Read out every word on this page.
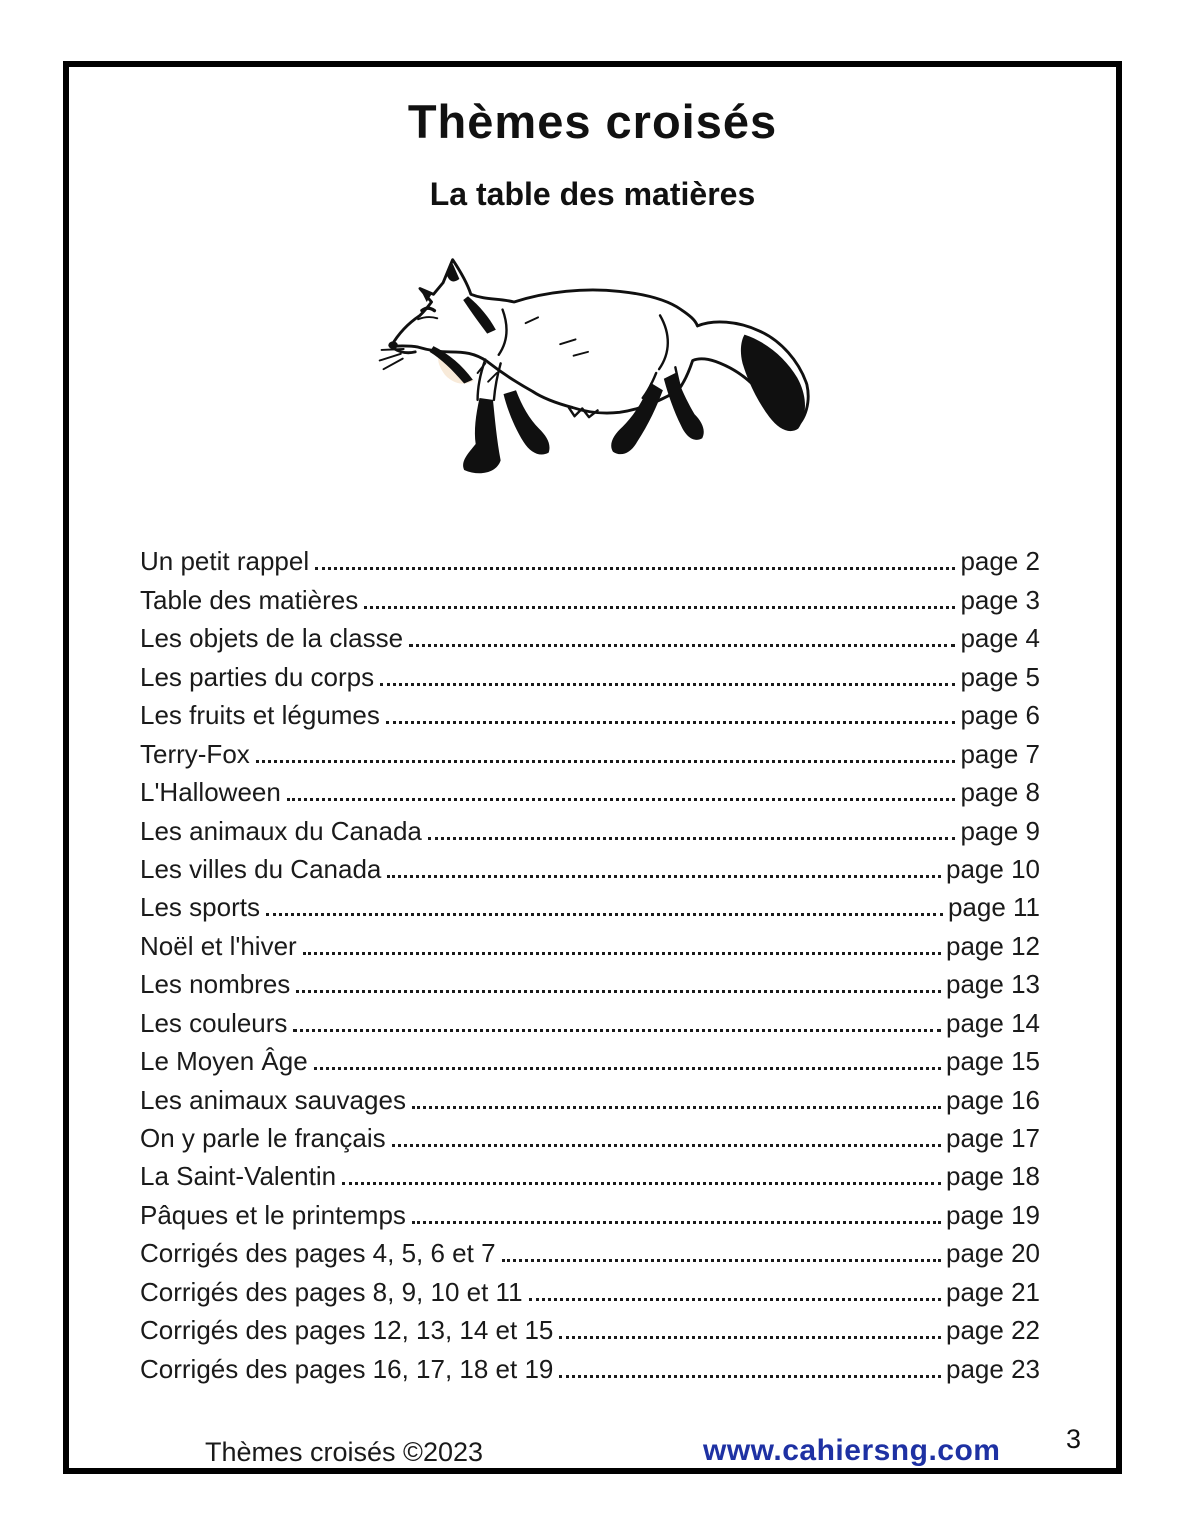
Thèmes croisés
La table des matières
Un petit rappel	page 2
Table des matières	page 3
Les objets de la classe	page 4
Les parties du corps	page 5
Les fruits et légumes	page 6
Terry-Fox	page 7
L'Halloween	page 8
Les animaux du Canada	page 9
Les villes du Canada	page 10
Les sports	page 11
Noël et l'hiver	page 12
Les nombres	page 13
Les couleurs	page 14
Le Moyen Âge	page 15
Les animaux sauvages	page 16
On y parle le français	page 17
La Saint-Valentin	page 18
Pâques et le printemps	page 19
Corrigés des pages 4, 5, 6 et 7	page 20
Corrigés des pages 8, 9, 10 et 11	page 21
Corrigés des pages 12, 13, 14 et 15	page 22
Corrigés des pages 16, 17, 18 et 19	page 23
Thèmes croisés ©2023	www.cahiersng.com 3
